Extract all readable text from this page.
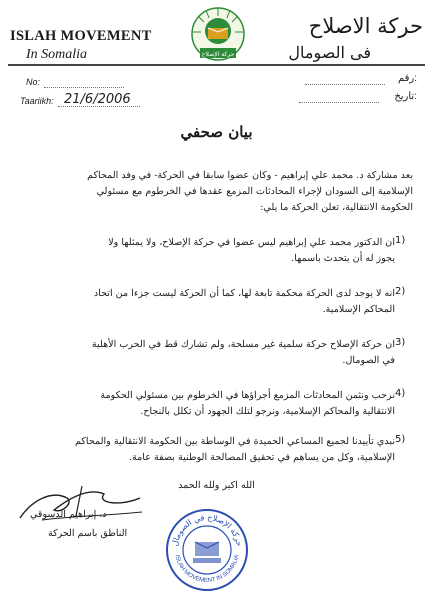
ISLAH MOVEMENT
In Somalia
حركة الاصلاح
فى الصومال
حركة الإصلاح
No:	رقم:
Taariikh: 21/6/2006	تاريخ:
بيان صحفي
بعد مشاركة د. محمد علي إبراهيم - وكان عضوا سابقا في الحركة- في وفد المحاكم
الإسلامية إلى السودان لإجراء المحادثات المزمع عقدها في الخرطوم مع مسئولي
الحكومة الانتقالية، تعلن الحركة ما يلي:
1)
ان الدكتور محمد علي إبراهيم ليس عضوا في حركة الإصلاح، ولا يمثلها ولا
يجوز له أن يتحدث باسمها.
2)
انه لا يوجد لدى الحركة محكمة تابعة لها، كما أن الحركة ليست جزءا من اتحاد
المحاكم الإسلامية.
3)
ان حركة الإصلاح حركة سلمية غير مسلحة، ولم تشارك قط في الحرب الأهلية
في الصومال.
4)
نرحب ونثمن المحادثات المزمع أجراؤها في الخرطوم بين مسئولي الحكومة
الانتقالية والمحاكم الإسلامية، ونرجو لتلك الجهود أن تكلل بالنجاح.
5)
نبدي تأييدنا لجميع المساعي الحميدة في الوساطة بين الحكومة الانتقالية والمحاكم
الإسلامية، وكل من يساهم في تحقيق المصالحة الوطنية بصفة عامة.
الله اكبر ولله الحمد
د. إبراهيم الدسوقي
الناطق باسم الحركة
حركة الإصلاح في الصومال
ISLAH MOVEMENT IN SOMALIA
